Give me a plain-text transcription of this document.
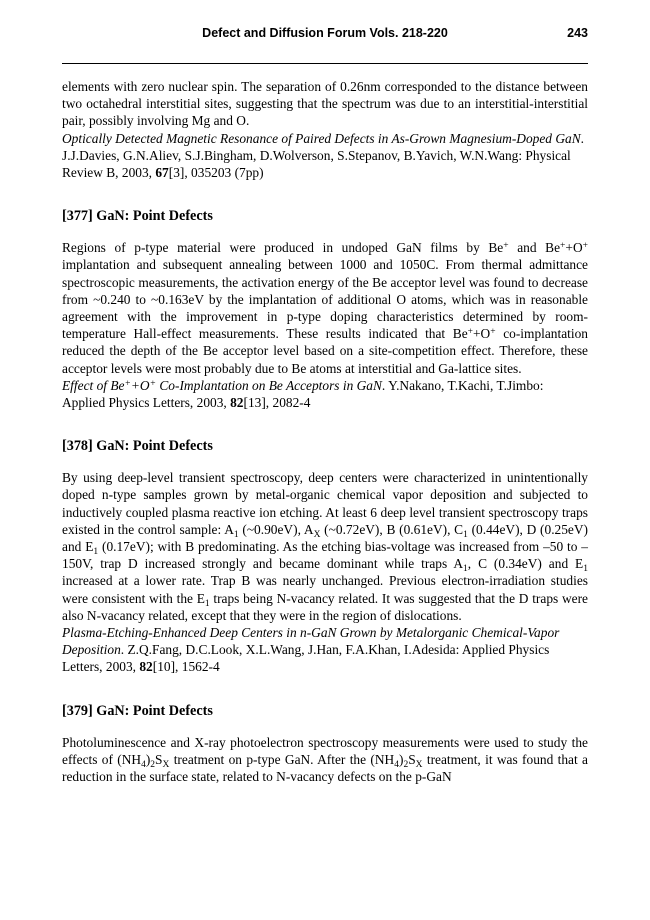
Defect and Diffusion Forum Vols. 218-220	243

elements with zero nuclear spin. The separation of 0.26nm corresponded to the distance between two octahedral interstitial sites, suggesting that the spectrum was due to an interstitial-interstitial pair, possibly involving Mg and O.

Optically Detected Magnetic Resonance of Paired Defects in As-Grown Magnesium-Doped GaN. J.J.Davies, G.N.Aliev, S.J.Bingham, D.Wolverson, S.Stepanov, B.Yavich, W.N.Wang: Physical Review B, 2003, 67[3], 035203 (7pp)

[377] GaN: Point Defects

Regions of p-type material were produced in undoped GaN films by Be+ and Be++O+ implantation and subsequent annealing between 1000 and 1050C. From thermal admittance spectroscopic measurements, the activation energy of the Be acceptor level was found to decrease from ~0.240 to ~0.163eV by the implantation of additional O atoms, which was in reasonable agreement with the improvement in p-type doping characteristics determined by room-temperature Hall-effect measurements. These results indicated that Be++O+ co-implantation reduced the depth of the Be acceptor level based on a site-competition effect. Therefore, these acceptor levels were most probably due to Be atoms at interstitial and Ga-lattice sites.

Effect of Be++O+ Co-Implantation on Be Acceptors in GaN. Y.Nakano, T.Kachi, T.Jimbo: Applied Physics Letters, 2003, 82[13], 2082-4

[378] GaN: Point Defects

By using deep-level transient spectroscopy, deep centers were characterized in unintentionally doped n-type samples grown by metal-organic chemical vapor deposition and subjected to inductively coupled plasma reactive ion etching. At least 6 deep level transient spectroscopy traps existed in the control sample: $A_1$ (~0.90eV), $A_X$ (~0.72eV), B (0.61eV), $C_1$ (0.44eV), D (0.25eV) and $E_1$ (0.17eV); with B predominating. As the etching bias-voltage was increased from –50 to –150V, trap D increased strongly and became dominant while traps $A_1$, C (0.34eV) and $E_1$ increased at a lower rate. Trap B was nearly unchanged. Previous electron-irradiation studies were consistent with the $E_1$ traps being N-vacancy related. It was suggested that the D traps were also N-vacancy related, except that they were in the region of dislocations.

Plasma-Etching-Enhanced Deep Centers in n-GaN Grown by Metalorganic Chemical-Vapor Deposition. Z.Q.Fang, D.C.Look, X.L.Wang, J.Han, F.A.Khan, I.Adesida: Applied Physics Letters, 2003, 82[10], 1562-4

[379] GaN: Point Defects

Photoluminescence and X-ray photoelectron spectroscopy measurements were used to study the effects of $(NH_4)_2S_X$ treatment on p-type GaN. After the $(NH_4)_2S_X$ treatment, it was found that a reduction in the surface state, related to N-vacancy defects on the p-GaN
